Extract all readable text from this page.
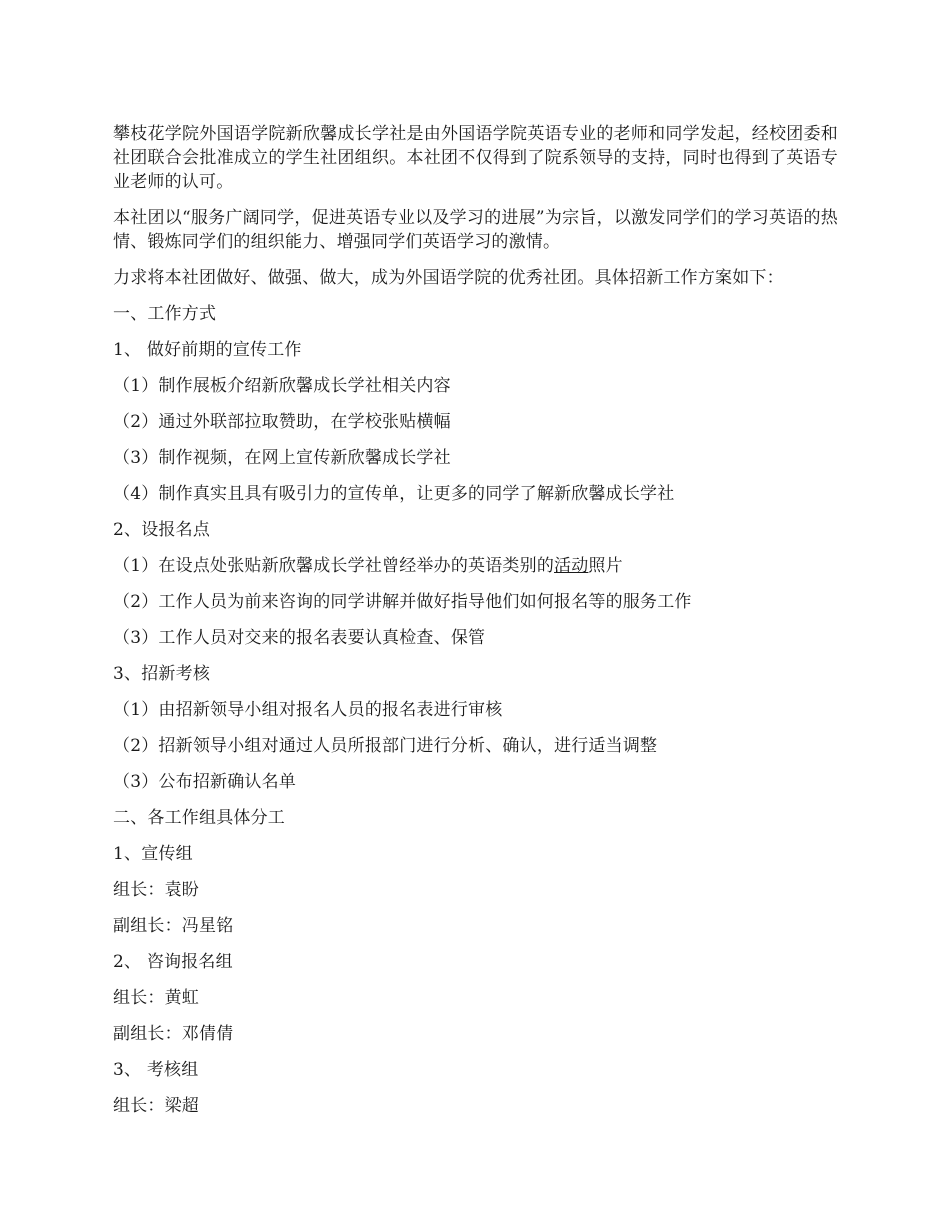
攀枝花学院外国语学院新欣馨成长学社是由外国语学院英语专业的老师和同学发起，经校团委和社团联合会批准成立的学生社团组织。本社团不仅得到了院系领导的支持，同时也得到了英语专业老师的认可。

本社团以“服务广阔同学，促进英语专业以及学习的进展”为宗旨，以激发同学们的学习英语的热情、锻炼同学们的组织能力、增强同学们英语学习的激情。

力求将本社团做好、做强、做大，成为外国语学院的优秀社团。具体招新工作方案如下：

一、工作方式
1、 做好前期的宣传工作
（1）制作展板介绍新欣馨成长学社相关内容
（2）通过外联部拉取赞助，在学校张贴横幅
（3）制作视频，在网上宣传新欣馨成长学社
（4）制作真实且具有吸引力的宣传单，让更多的同学了解新欣馨成长学社
2、设报名点
（1）在设点处张贴新欣馨成长学社曾经举办的英语类别的活动照片
（2）工作人员为前来咨询的同学讲解并做好指导他们如何报名等的服务工作
（3）工作人员对交来的报名表要认真检查、保管
3、招新考核
（1）由招新领导小组对报名人员的报名表进行审核
（2）招新领导小组对通过人员所报部门进行分析、确认，进行适当调整
（3）公布招新确认名单
二、各工作组具体分工
1、宣传组
组长：袁盼
副组长：冯星铭
2、 咨询报名组
组长：黄虹
副组长：邓倩倩
3、 考核组
组长：梁超
